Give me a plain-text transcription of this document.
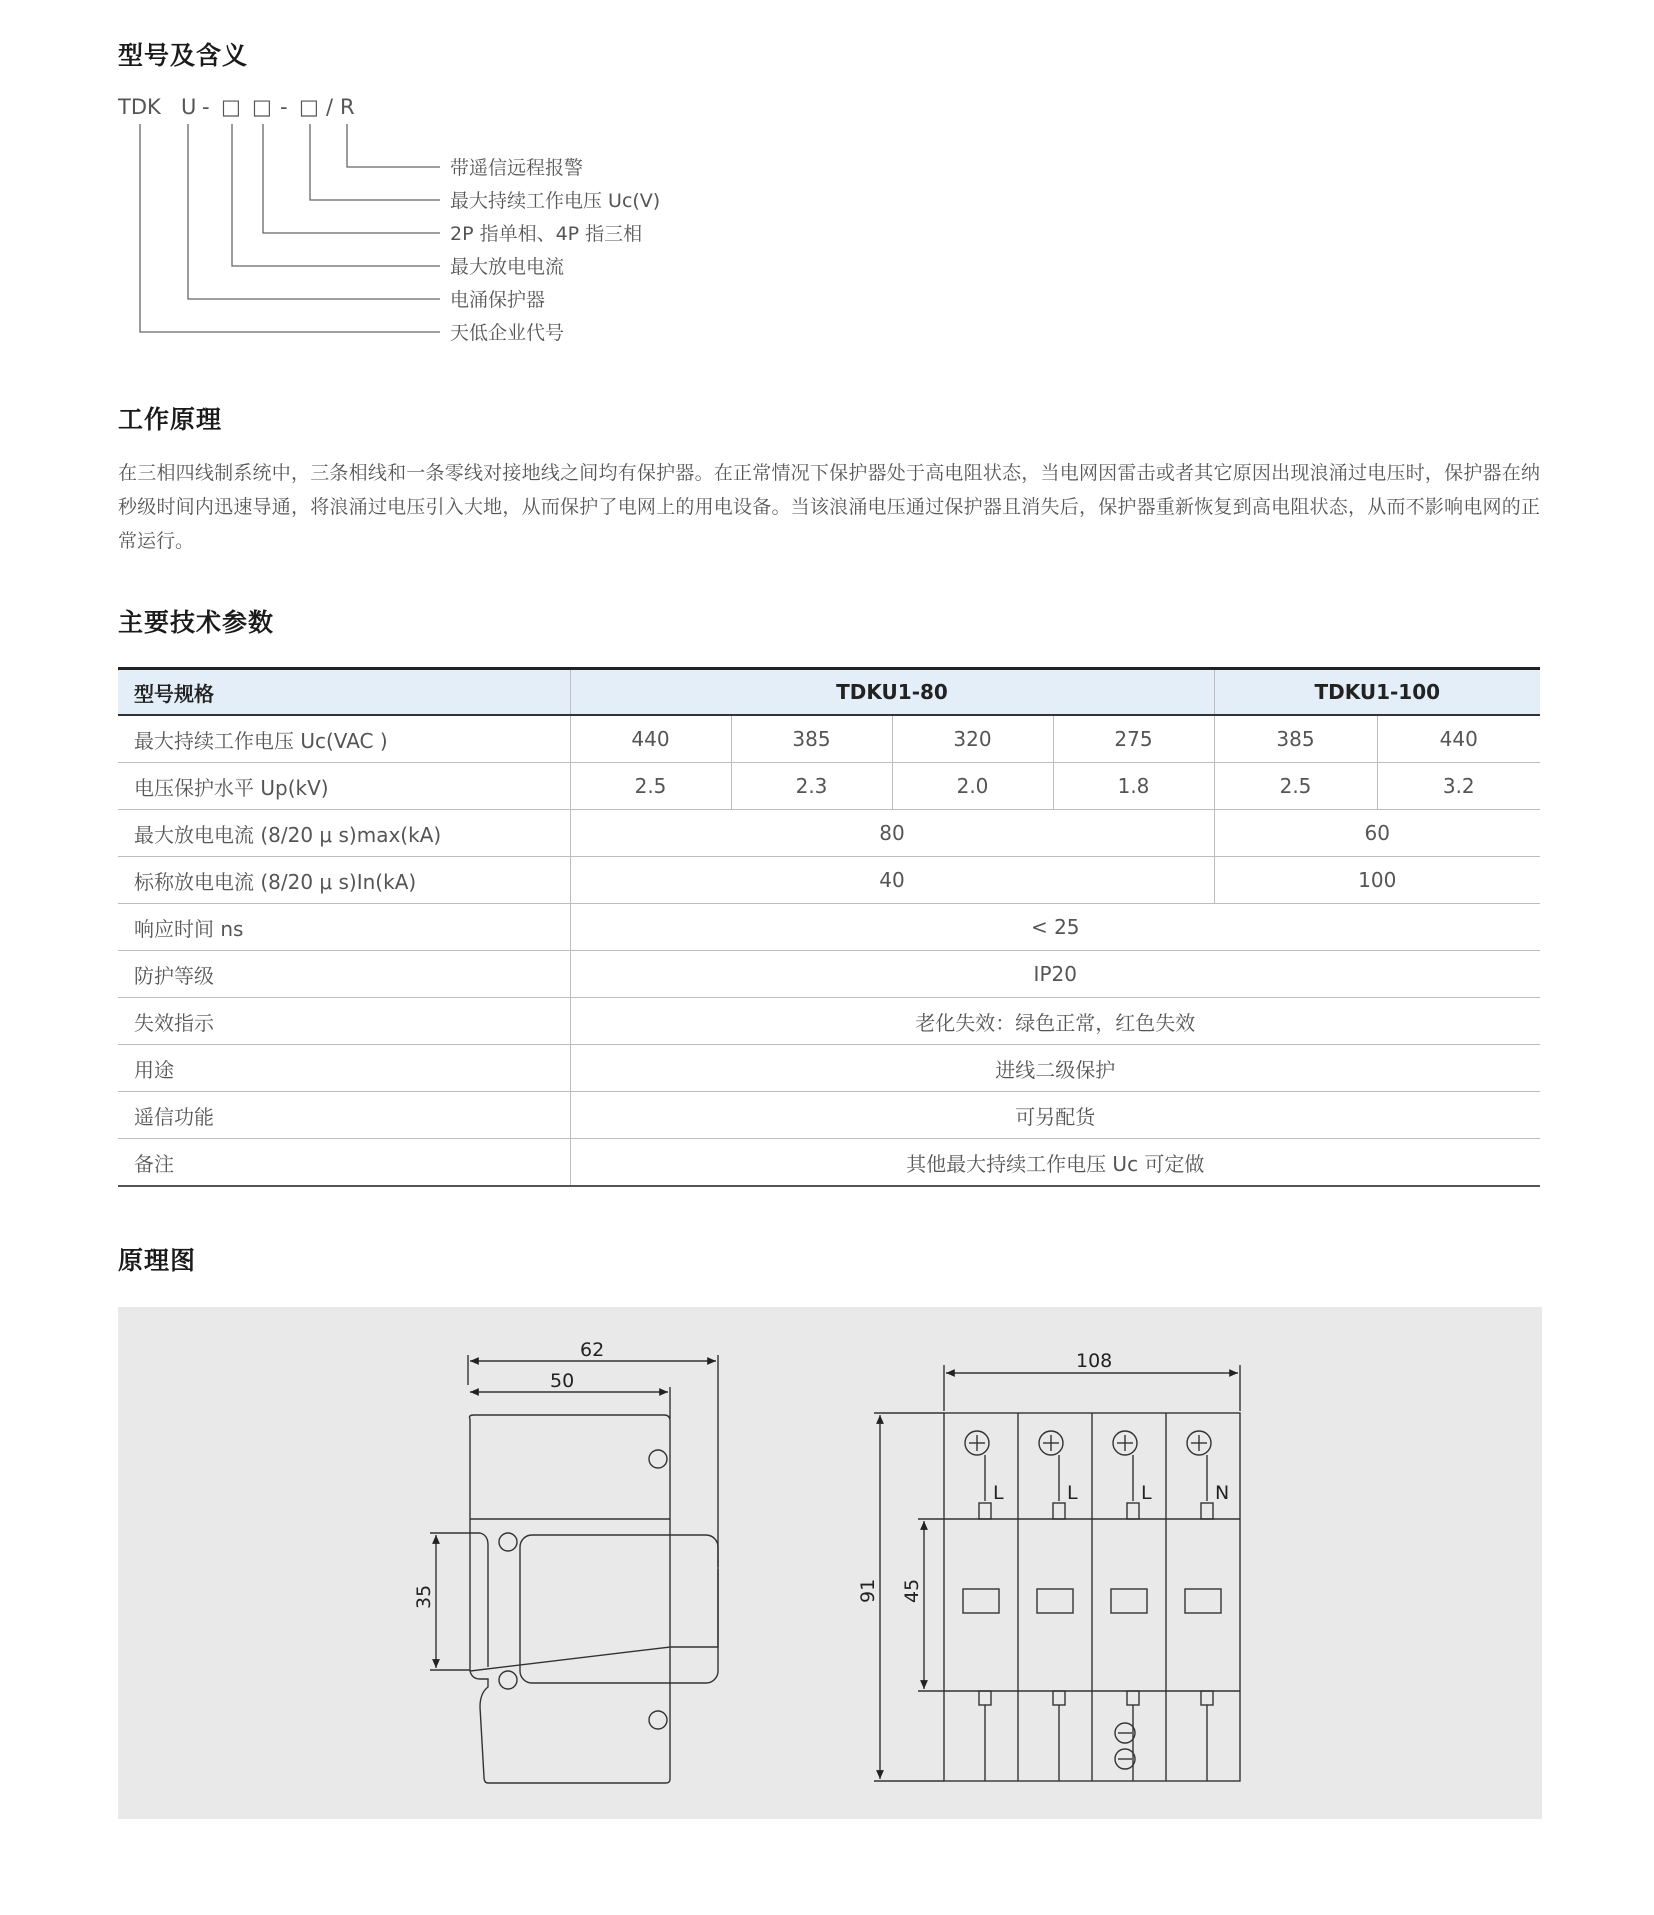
型号及含义
TDK U - □ □ - □ / R
带遥信远程报警
最大持续工作电压 Uc(V)
2P 指单相、4P 指三相
最大放电电流
电涌保护器
天低企业代号
工作原理

在三相四线制系统中，三条相线和一条零线对接地线之间均有保护器。在正常情况下保护器处于高电阻状态，当电网因雷击或者其它原因出现浪涌过电压时，保护器在纳秒级时间内迅速导通，将浪涌过电压引入大地，从而保护了电网上的用电设备。当该浪涌电压通过保护器且消失后，保护器重新恢复到高电阻状态，从而不影响电网的正常运行。

主要技术参数
型号规格	TDKU1-80				TDKU1-100	
最大持续工作电压 Uc(VAC )	440	385	320	275	385	440
电压保护水平 Up(kV)	2.5	2.3	2.0	1.8	2.5	3.2
最大放电电流 (8/20 μ s)max(kA)	80				60	
标称放电电流 (8/20 μ s)In(kA)	40				100	
响应时间 ns	< 25					
防护等级	IP20					
失效指示	老化失效：绿色正常，红色失效					
用途	进线二级保护					
遥信功能	可另配货					
备注	其他最大持续工作电压 Uc 可定做					
原理图
62
50
35
108
91 45
L	L	L	N
